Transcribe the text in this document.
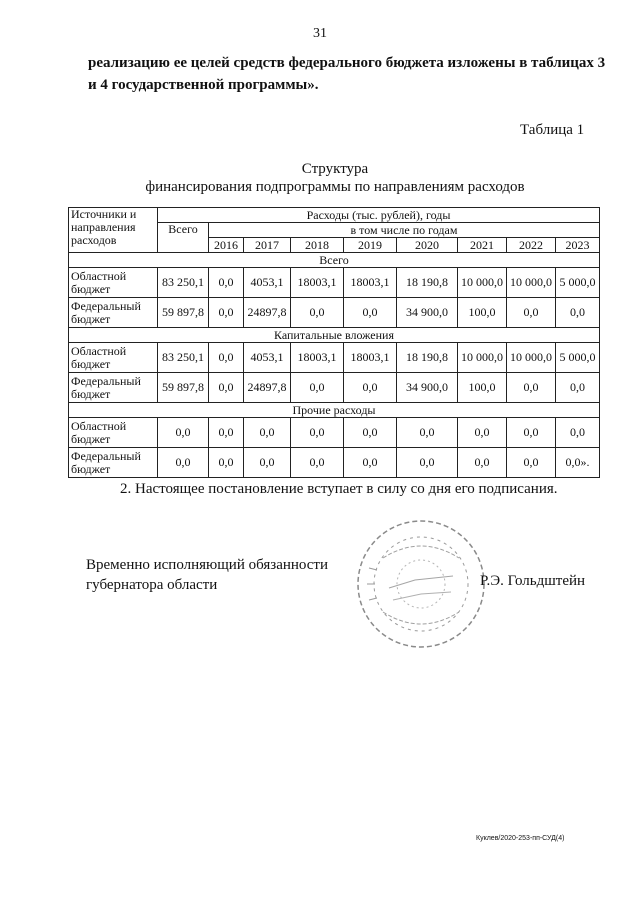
31
реализацию ее целей средств федерального бюджета изложены в таблицах 3
и 4 государственной программы».
Таблица 1
Структура
финансирования подпрограммы по направлениям расходов
Источники и направления расходов	Расходы (тыс. рублей), годы								
	Всего	в том числе по годам							
		2016	2017	2018	2019	2020	2021	2022	2023
Всего									
Областной бюджет	83 250,1	0,0	4053,1	18003,1	18003,1	18 190,8	10 000,0	10 000,0	5 000,0
Федеральный бюджет	59 897,8	0,0	24897,8	0,0	0,0	34 900,0	100,0	0,0	0,0
Капитальные вложения									
Областной бюджет	83 250,1	0,0	4053,1	18003,1	18003,1	18 190,8	10 000,0	10 000,0	5 000,0
Федеральный бюджет	59 897,8	0,0	24897,8	0,0	0,0	34 900,0	100,0	0,0	0,0
Прочие расходы									
Областной бюджет	0,0	0,0	0,0	0,0	0,0	0,0	0,0	0,0	0,0
Федеральный бюджет	0,0	0,0	0,0	0,0	0,0	0,0	0,0	0,0	0,0».
2. Настоящее постановление вступает в силу со дня его подписания.
Временно исполняющий обязанности
губернатора области	Р.Э. Гольдштейн
Куклев/2020-253-пп-СУД(4)
